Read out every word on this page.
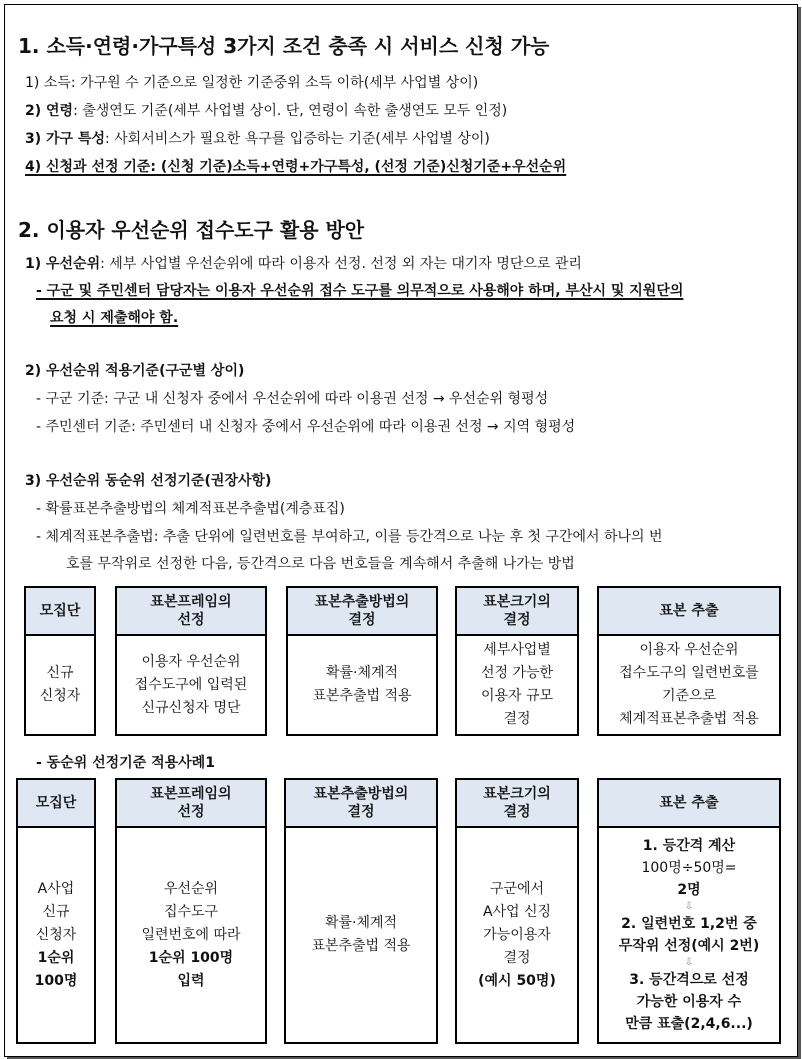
1. 소득·연령·가구특성 3가지 조건 충족 시 서비스 신청 가능
1) 소득: 가구원 수 기준으로 일정한 기준중위 소득 이하(세부 사업별 상이)
2) 연령: 출생연도 기준(세부 사업별 상이. 단, 연령이 속한 출생연도 모두 인정)
3) 가구 특성: 사회서비스가 필요한 욕구를 입증하는 기준(세부 사업별 상이)
4) 신청과 선정 기준: (신청 기준)소득+연령+가구특성, (선정 기준)신청기준+우선순위
2. 이용자 우선순위 접수도구 활용 방안
1) 우선순위: 세부 사업별 우선순위에 따라 이용자 선정. 선정 외 자는 대기자 명단으로 관리
- 구군 및 주민센터 담당자는 이용자 우선순위 접수 도구를 의무적으로 사용해야 하며, 부산시 및 지원단의
요청 시 제출해야 함.
2) 우선순위 적용기준(구군별 상이)
- 구군 기준: 구군 내 신청자 중에서 우선순위에 따라 이용권 선정 → 우선순위 형평성
- 주민센터 기준: 주민센터 내 신청자 중에서 우선순위에 따라 이용권 선정 → 지역 형평성
3) 우선순위 동순위 선정기준(권장사항)
- 확률표본추출방법의 체계적표본추출법(계층표집)
- 체계적표본추출법: 추출 단위에 일련번호를 부여하고, 이를 등간격으로 나눈 후 첫 구간에서 하나의 번
호를 무작위로 선정한 다음, 등간격으로 다음 번호들을 계속해서 추출해 나가는 방법
모집단
신규
신청자
표본프레임의
선정
이용자 우선순위
접수도구에 입력된
신규신청자 명단
표본추출방법의
결정
확률·체계적
표본추출법 적용
표본크기의
결정
세부사업별
선정 가능한
이용자 규모
결정
표본 추출
이용자 우선순위
접수도구의 일련번호를
기준으로
체계적표본추출법 적용
- 동순위 선정기준 적용사례1
모집단
A사업
신규
신청자
1순위
100명
표본프레임의
선정
우선순위
집수도구
일련번호에 따라
1순위 100명
입력
표본추출방법의
결정
확률·체계적
표본추출법 적용
표본크기의
결정
구군에서
A사업 신징
가능이용자
결정
(예시 50명)
표본 추출
1. 등간격 계산
100명÷50명=
2명
⇩
2. 일련번호 1,2번 중
무작위 선정(예시 2번)
⇩
3. 등간격으로 선정
가능한 이용자 수
만큼 표출(2,4,6...)
